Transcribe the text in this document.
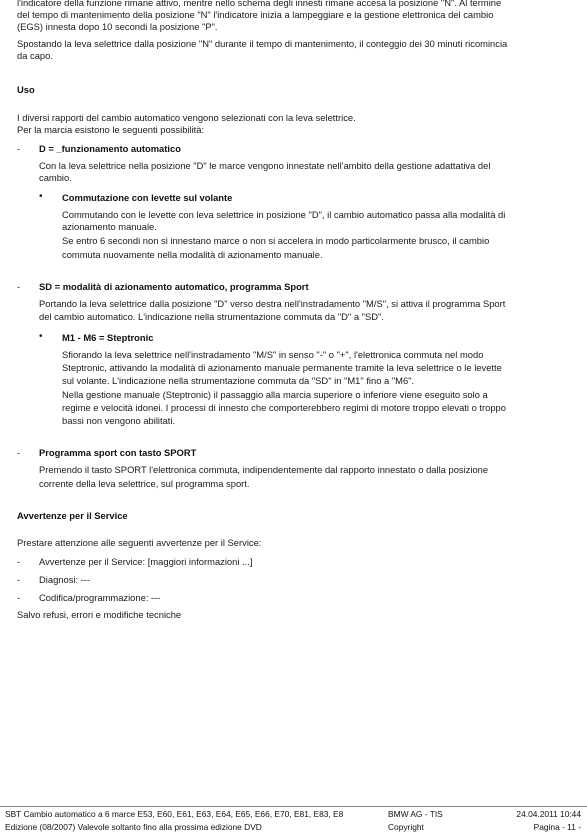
l'indicatore della funzione rimane attivo, mentre nello schema degli innesti rimane accesa la posizione "N". Al termine

del tempo di mantenimento della posizione "N" l'indicatore inizia a lampeggiare e la gestione elettronica del cambio

(EGS) innesta dopo 10 secondi la posizione "P".

Spostando la leva selettrice dalla posizione "N" durante il tempo di mantenimento, il conteggio dei 30 minuti ricomincia

da capo.

Uso

I diversi rapporti del cambio automatico vengono selezionati con la leva selettrice.

Per la marcia esistono le seguenti possibilità:

- D = _funzionamento automatico

Con la leva selettrice nella posizione "D" le marce vengono innestate nell'ambito della gestione adattativa del

cambio.

• Commutazione con levette sul volante

Commutando con le levette con leva selettrice in posizione "D", il cambio automatico passa alla modalità di

azionamento manuale.

Se entro 6 secondi non si innestano marce o non si accelera in modo particolarmente brusco, il cambio

commuta nuovamente nella modalità di azionamento manuale.

- SD = modalità di azionamento automatico, programma Sport

Portando la leva selettrice dalla posizione "D" verso destra nell'instradamento "M/S", si attiva il programma Sport

del cambio automatico. L'indicazione nella strumentazione commuta da "D" a "SD".

• M1 - M6 = Steptronic

Sfiorando la leva selettrice nell'instradamento "M/S" in senso "-" o "+", l'elettronica commuta nel modo

Steptronic, attivando la modalità di azionamento manuale permanente tramite la leva selettrice o le levette

sul volante. L'indicazione nella strumentazione commuta da "SD" in "M1" fino a "M6".

Nella gestione manuale (Steptronic) il passaggio alla marcia superiore o inferiore viene eseguito solo a

regime e velocità idonei. I processi di innesto che comporterebbero regimi di motore troppo elevati o troppo

bassi non vengono abilitati.

- Programma sport con tasto SPORT

Premendo il tasto SPORT l'elettronica commuta, indipendentemente dal rapporto innestato o dalla posizione

corrente della leva selettrice, sul programma sport.

Avvertenze per il Service

Prestare attenzione alle seguenti avvertenze per il Service:

- Avvertenze per il Service: [maggiori informazioni ...]

- Diagnosi: ---

- Codifica/programmazione: ---

Salvo refusi, errori e modifiche tecniche

SBT Cambio automatico a 6 marce E53, E60, E61, E63, E64, E65, E66, E70, E81, E83, E8
Edizione (08/2007) Valevole soltanto fino alla prossima edizione DVD
BMW AG - TIS
Copyright
24.04.2011 10:44
Pagina - 11 -
